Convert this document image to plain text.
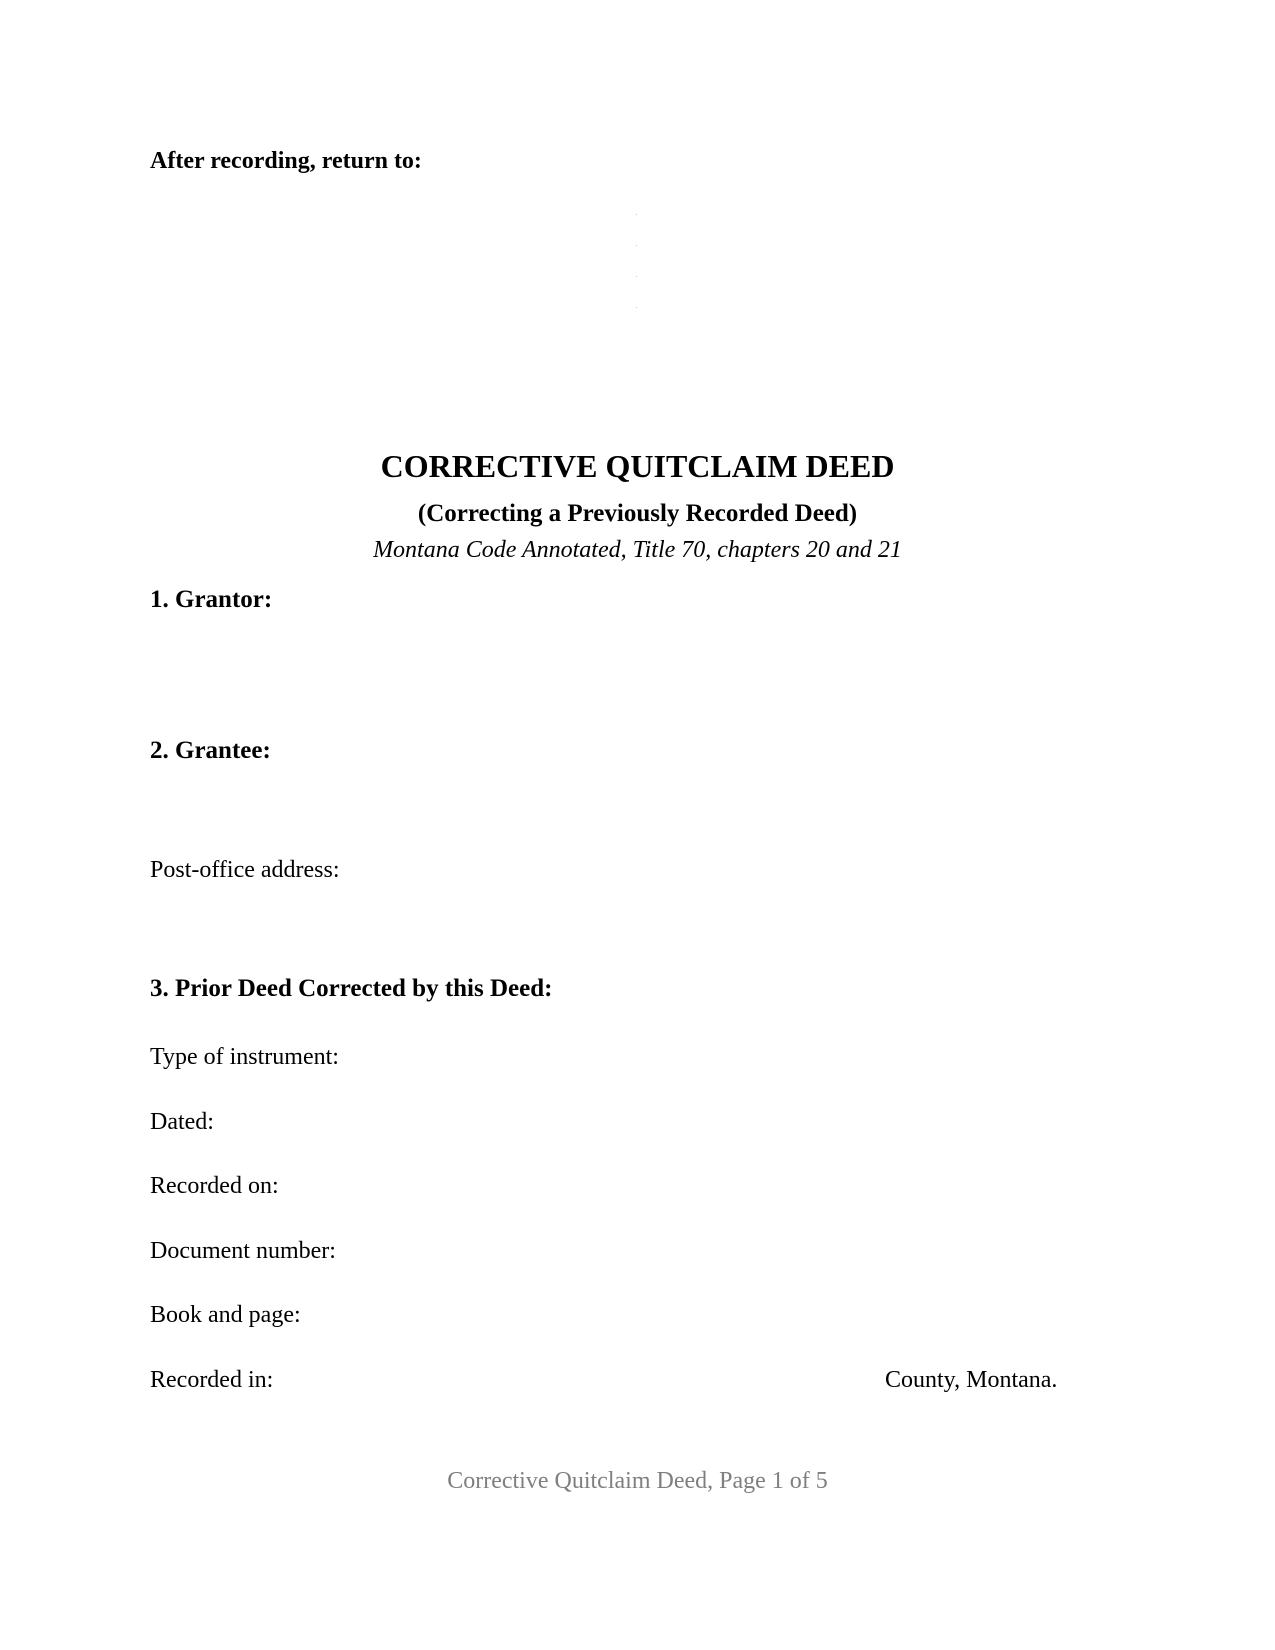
After recording, return to:
CORRECTIVE QUITCLAIM DEED
(Correcting a Previously Recorded Deed)
Montana Code Annotated, Title 70, chapters 20 and 21
1. Grantor:
2. Grantee:
Post-office address:
3. Prior Deed Corrected by this Deed:
Type of instrument:
Dated:
Recorded on:
Document number:
Book and page:
Recorded in:	County, Montana.
Corrective Quitclaim Deed, Page 1 of 5
